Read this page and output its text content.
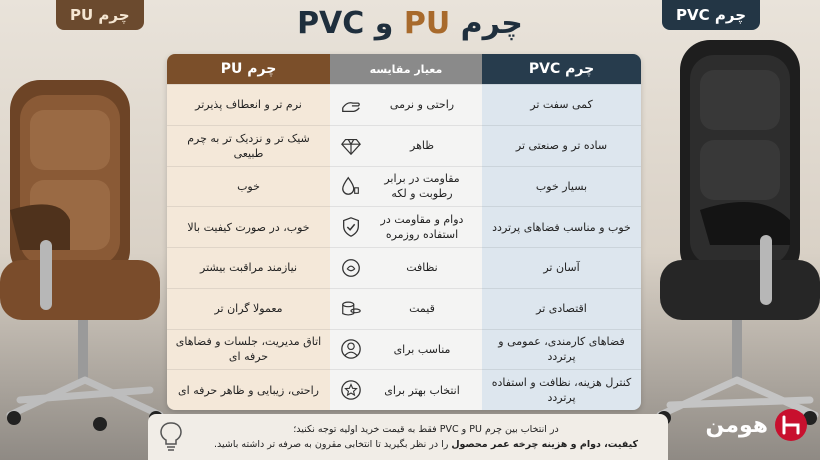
چرم PU	چرم PVC
چرم PU و PVC
چرم PU
نرم تر و انعطاف پذیرتر
شیک تر و نزدیک تر به چرم طبیعی
خوب
خوب، در صورت کیفیت بالا
نیازمند مراقبت بیشتر
معمولا گران تر
اتاق مدیریت، جلسات و فضاهای حرفه ای
راحتی، زیبایی و ظاهر حرفه ای
معیار مقایسه
راحتی و نرمی
ظاهر
مقاومت در برابر رطوبت و لکه
دوام و مقاومت در استفاده روزمره
نظافت
قیمت
مناسب برای
انتخاب بهتر برای
چرم PVC
کمی سفت تر
ساده تر و صنعتی تر
بسیار خوب
خوب و مناسب فضاهای پرتردد
آسان تر
اقتصادی تر
فضاهای کارمندی، عمومی و پرتردد
کنترل هزینه، نظافت و استفاده پرتردد
در انتخاب بین چرم PU و PVC فقط به قیمت خرید اولیه توجه نکنید؛
کیفیت، دوام و هزینه چرخه عمر محصول را در نظر بگیرید تا انتخابی مقرون به صرفه تر داشته باشید.
هومن
